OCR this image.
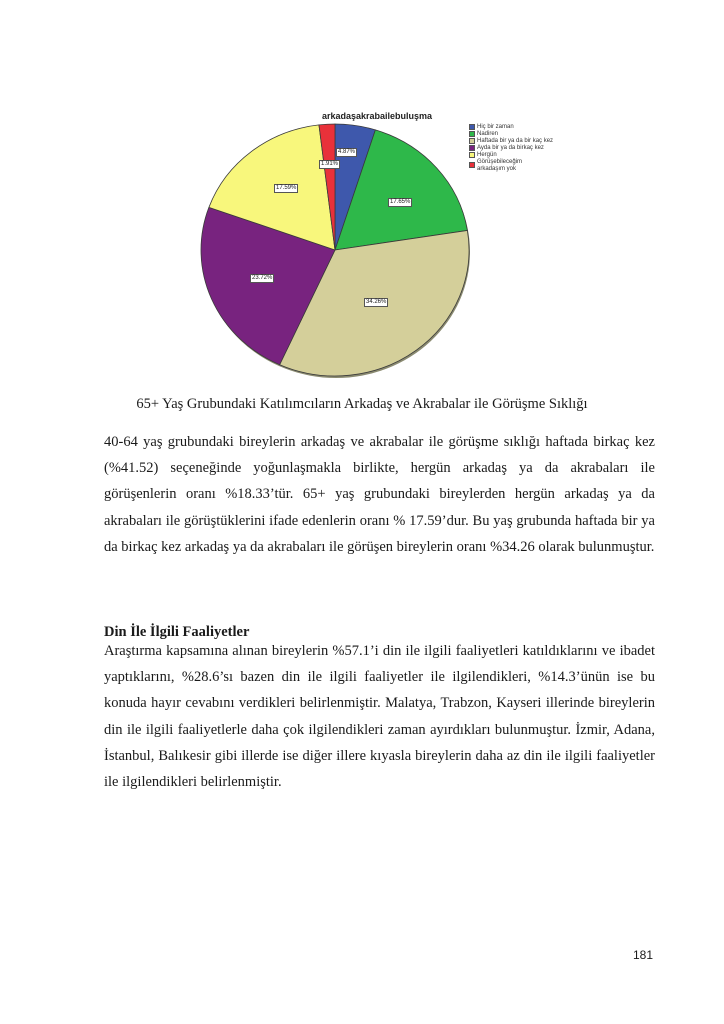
arkadaşakrabailebuluşma
Hiç bir zaman
Nadiren
Haftada bir ya da bir kaç kez
Ayda bir ya da birkaç kez
Hergün
Görüşebileceğim arkadaşım yok
4.87%
17.65%
34.26%
23.72%
17.59%
1.91%
65+ Yaş Grubundaki Katılımcıların Arkadaş ve Akrabalar ile Görüşme Sıklığı

40-64 yaş grubundaki bireylerin arkadaş ve akrabalar ile görüşme sıklığı haftada birkaç kez (%41.52) seçeneğinde yoğunlaşmakla birlikte, hergün arkadaş ya da akrabaları ile görüşenlerin oranı %18.33’tür. 65+ yaş grubundaki bireylerden hergün arkadaş ya da akrabaları ile görüştüklerini ifade edenlerin oranı % 17.59’dur. Bu yaş grubunda haftada bir ya da birkaç kez arkadaş ya da akrabaları ile görüşen bireylerin oranı %34.26 olarak bulunmuştur.

Din İle İlgili Faaliyetler

Araştırma kapsamına alınan bireylerin %57.1’i din ile ilgili faaliyetleri katıldıklarını ve ibadet yaptıklarını, %28.6’sı bazen din ile ilgili faaliyetler ile ilgilendikleri, %14.3’ünün ise bu konuda hayır cevabını verdikleri belirlenmiştir. Malatya, Trabzon, Kayseri illerinde bireylerin din ile ilgili faaliyetlerle daha çok ilgilendikleri zaman ayırdıkları bulunmuştur. İzmir, Adana, İstanbul, Balıkesir gibi illerde ise diğer illere kıyasla bireylerin daha az din ile ilgili faaliyetler ile ilgilendikleri belirlenmiştir.

181
